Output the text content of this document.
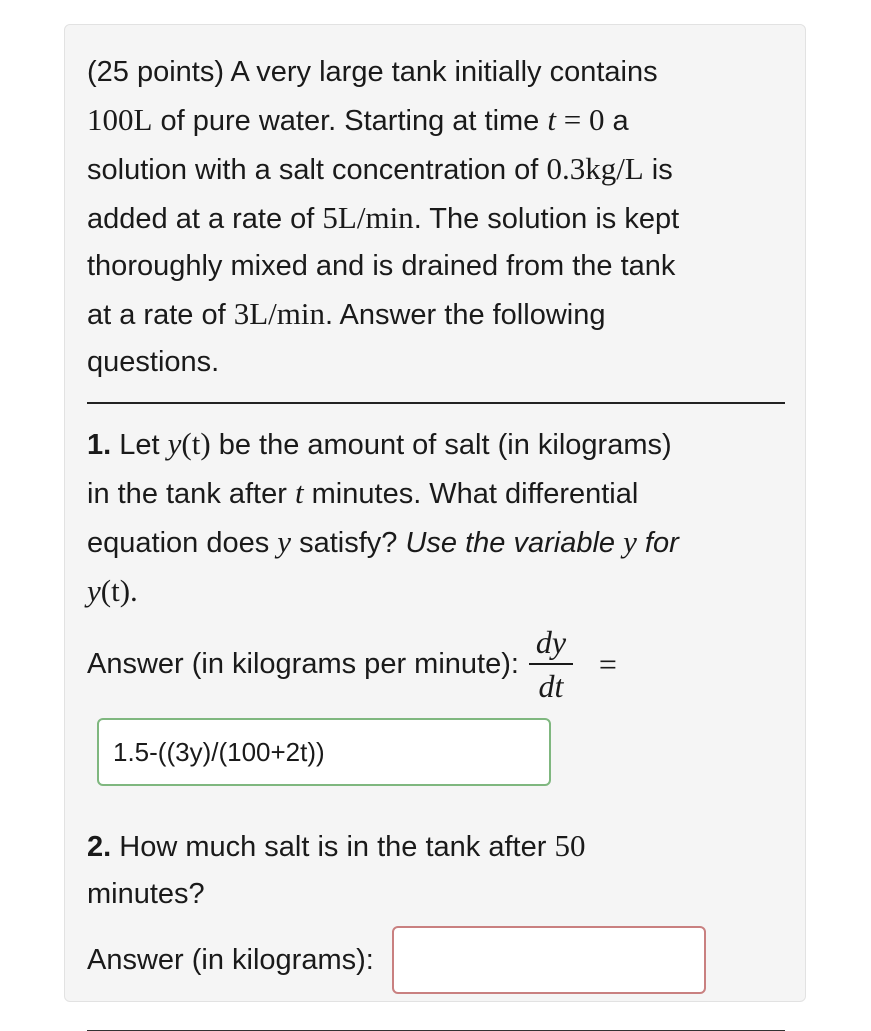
(25 points) A very large tank initially contains
100L of pure water. Starting at time t = 0 a
solution with a salt concentration of 0.3kg/L is
added at a rate of 5L/min. The solution is kept
thoroughly mixed and is drained from the tank
at a rate of 3L/min. Answer the following
questions.

1. Let y(t) be the amount of salt (in kilograms)
in the tank after t minutes. What differential
equation does y satisfy? Use the variable y for
y(t).

Answer (in kilograms per minute): $\frac{dy}{dt}$ =
1.5-((3y)/(100+2t))

2. How much salt is in the tank after 50
minutes?

Answer (in kilograms):
